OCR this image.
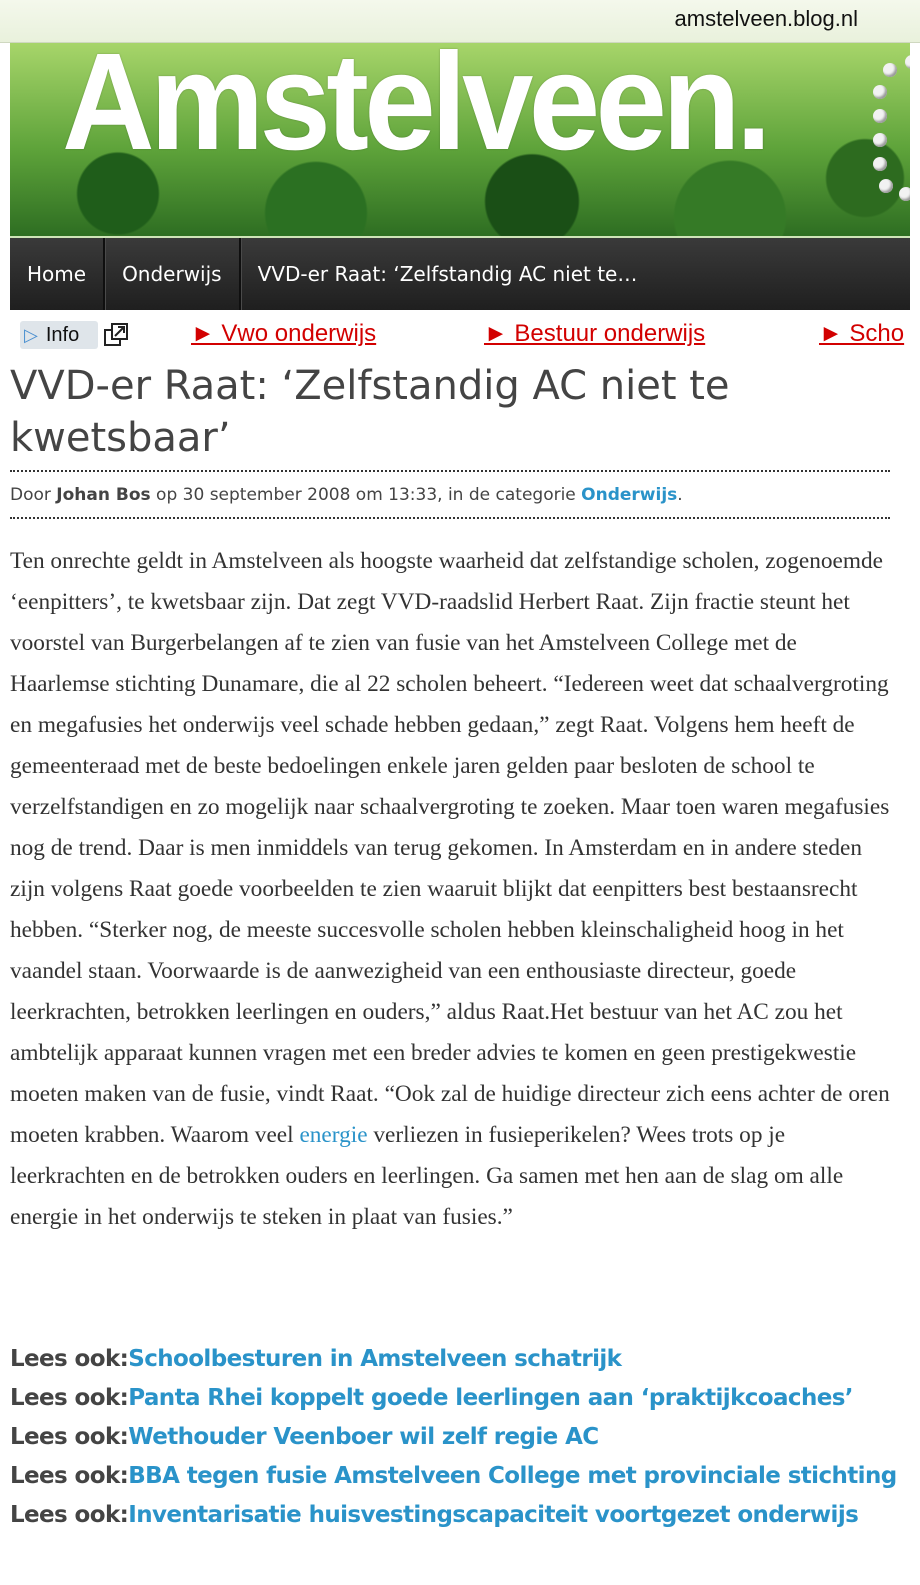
amstelveen.blog.nl
Amstelveen.
Home	Onderwijs	VVD-er Raat: ‘Zelfstandig AC niet te…
▷ Info	► Vwo onderwijs	► Bestuur onderwijs	► Scho
VVD-er Raat: ‘Zelfstandig AC niet te kwetsbaar’
Door Johan Bos op 30 september 2008 om 13:33, in de categorie Onderwijs.

Ten onrechte geldt in Amstelveen als hoogste waarheid dat zelfstandige scholen, zogenoemde ‘eenpitters’, te kwetsbaar zijn. Dat zegt VVD-raadslid Herbert Raat. Zijn fractie steunt het voorstel van Burgerbelangen af te zien van fusie van het Amstelveen College met de Haarlemse stichting Dunamare, die al 22 scholen beheert. “Iedereen weet dat schaalvergroting en megafusies het onderwijs veel schade hebben gedaan,” zegt Raat. Volgens hem heeft de gemeenteraad met de beste bedoelingen enkele jaren gelden paar besloten de school te verzelfstandigen en zo mogelijk naar schaalvergroting te zoeken. Maar toen waren megafusies nog de trend. Daar is men inmiddels van terug gekomen. In Amsterdam en in andere steden zijn volgens Raat goede voorbeelden te zien waaruit blijkt dat eenpitters best bestaansrecht hebben. “Sterker nog, de meeste succesvolle scholen hebben kleinschaligheid hoog in het vaandel staan. Voorwaarde is de aanwezigheid van een enthousiaste directeur, goede leerkrachten, betrokken leerlingen en ouders,” aldus Raat.Het bestuur van het AC zou het ambtelijk apparaat kunnen vragen met een breder advies te komen en geen prestigekwestie moeten maken van de fusie, vindt Raat. “Ook zal de huidige directeur zich eens achter de oren moeten krabben. Waarom veel energie verliezen in fusieperikelen? Wees trots op je leerkrachten en de betrokken ouders en leerlingen. Ga samen met hen aan de slag om alle energie in het onderwijs te steken in plaat van fusies.”

Lees ook:Schoolbesturen in Amstelveen schatrijk
Lees ook:Panta Rhei koppelt goede leerlingen aan ‘praktijkcoaches’
Lees ook:Wethouder Veenboer wil zelf regie AC
Lees ook:BBA tegen fusie Amstelveen College met provinciale stichting
Lees ook:Inventarisatie huisvestingscapaciteit voortgezet onderwijs
